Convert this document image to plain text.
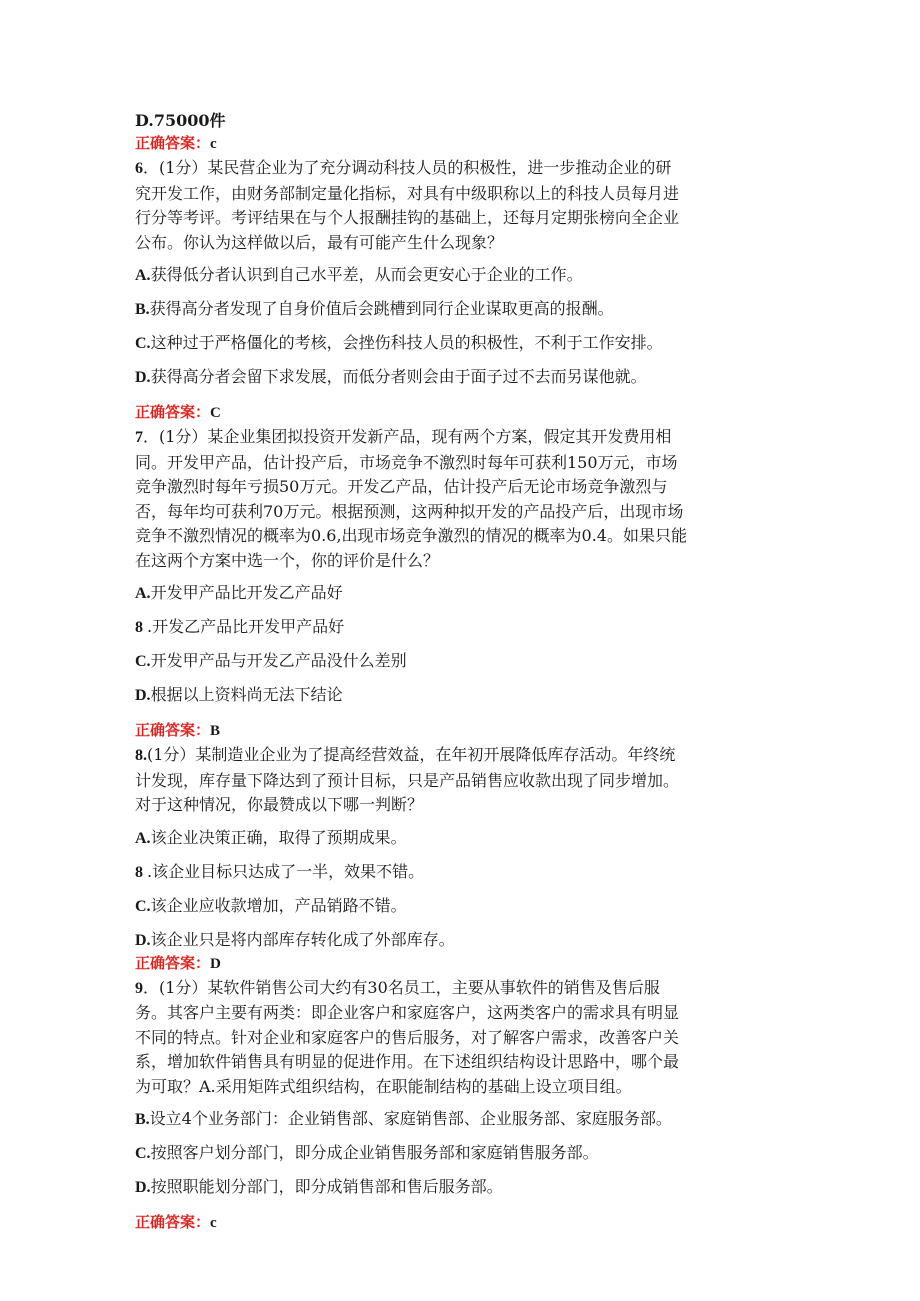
D.75000件
正确答案：c
6．(1分）某民营企业为了充分调动科技人员的积极性，进一步推动企业的研
究开发工作，由财务部制定量化指标，对具有中级职称以上的科技人员每月进
行分等考评。考评结果在与个人报酬挂钩的基础上，还每月定期张榜向全企业
公布。你认为这样做以后，最有可能产生什么现象？
A.获得低分者认识到自己水平差，从而会更安心于企业的工作。
B.获得高分者发现了自身价值后会跳槽到同行企业谋取更高的报酬。
C.这种过于严格僵化的考核，会挫伤科技人员的积极性，不利于工作安排。
D.获得高分者会留下求发展，而低分者则会由于面子过不去而另谋他就。
正确答案：C
7．(1分）某企业集团拟投资开发新产品，现有两个方案，假定其开发费用相
同。开发甲产品，估计投产后，市场竞争不激烈时每年可获利150万元，市场
竞争激烈时每年亏损50万元。开发乙产品，估计投产后无论市场竞争激烈与
否，每年均可获利70万元。根据预测，这两种拟开发的产品投产后，出现市场
竞争不激烈情况的概率为0.6,出现市场竞争激烈的情况的概率为0.4。如果只能
在这两个方案中选一个，你的评价是什么？
A.开发甲产品比开发乙产品好
8 .开发乙产品比开发甲产品好
C.开发甲产品与开发乙产品没什么差别
D.根据以上资料尚无法下结论
正确答案：B
8.(1分）某制造业企业为了提高经营效益，在年初开展降低库存活动。年终统
计发现，库存量下降达到了预计目标，只是产品销售应收款出现了同步增加。
对于这种情况，你最赞成以下哪一判断？
A.该企业决策正确，取得了预期成果。
8 .该企业目标只达成了一半，效果不错。
C.该企业应收款增加，产品销路不错。
D.该企业只是将内部库存转化成了外部库存。
正确答案：D
9．(1分）某软件销售公司大约有30名员工，主要从事软件的销售及售后服
务。其客户主要有两类：即企业客户和家庭客户，这两类客户的需求具有明显
不同的特点。针对企业和家庭客户的售后服务，对了解客户需求，改善客户关
系，增加软件销售具有明显的促进作用。在下述组织结构设计思路中，哪个最
为可取？A.采用矩阵式组织结构，在职能制结构的基础上设立项目组。
B.设立4个业务部门：企业销售部、家庭销售部、企业服务部、家庭服务部。
C.按照客户划分部门，即分成企业销售服务部和家庭销售服务部。
D.按照职能划分部门，即分成销售部和售后服务部。
正确答案：c
